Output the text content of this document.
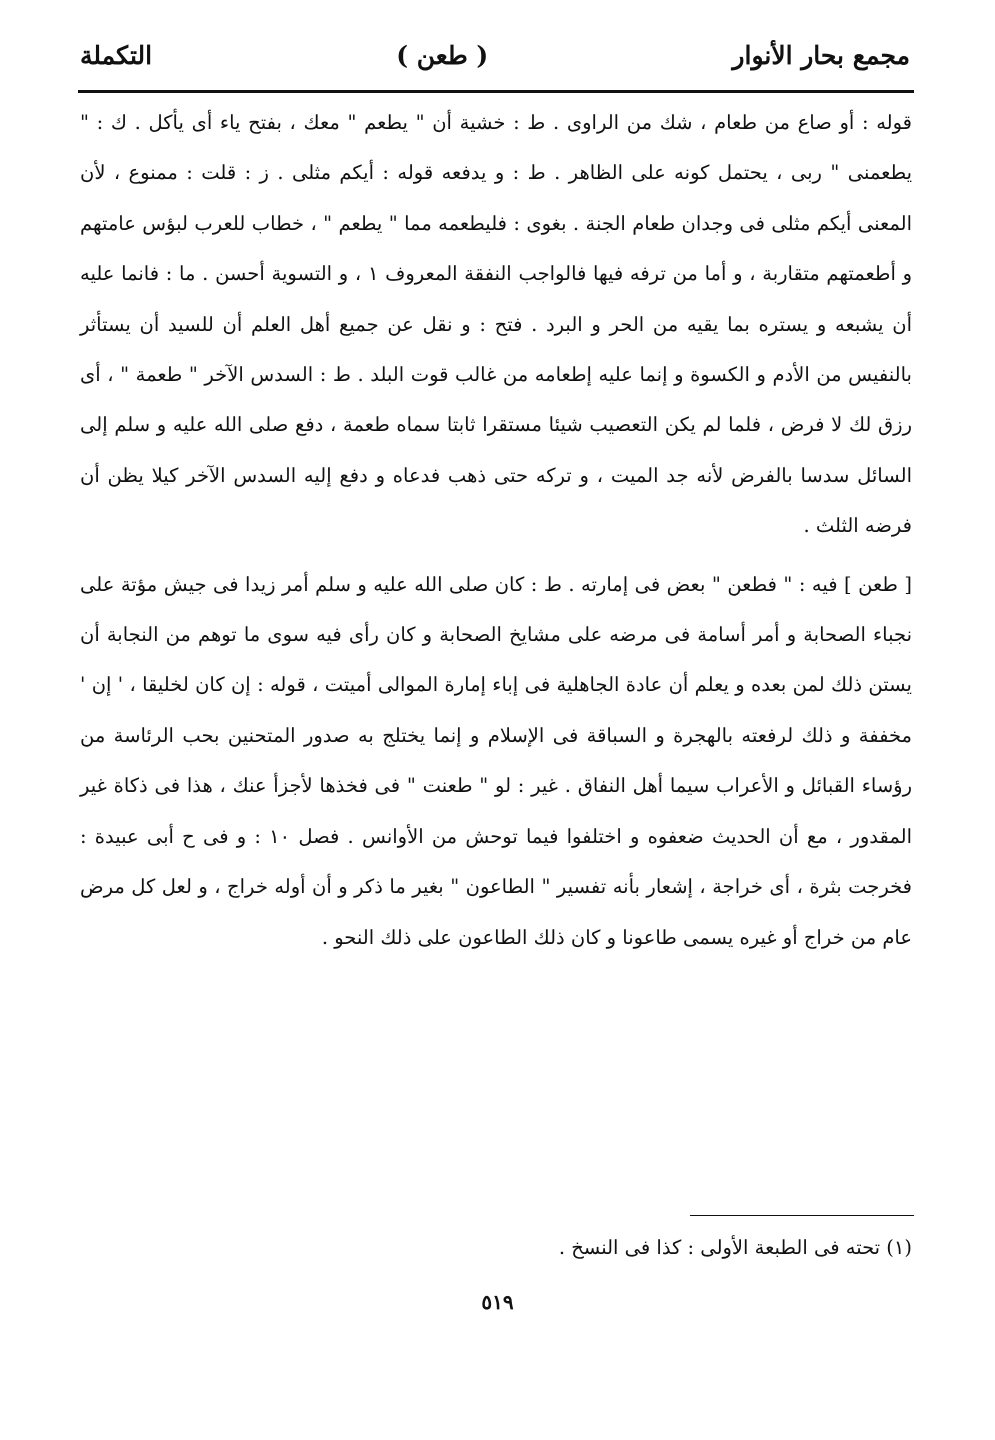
مجمع بحار الأنوار
( طعن )
التكملة

قوله : أو صاع من طعام ، شك من الراوى . ط : خشية أن " يطعم " معك ، بفتح ياء أى يأكل . ك : " يطعمنى " ربى ، يحتمل كونه على الظاهر . ط : و يدفعه قوله : أيكم مثلى . ز : قلت : ممنوع ، لأن المعنى أيكم مثلى فى وجدان طعام الجنة . بغوى : فليطعمه مما " يطعم " ، خطاب للعرب لبؤس عامتهم و أطعمتهم متقاربة ، و أما من ترفه فيها فالواجب النفقة المعروف ١ ، و التسوية أحسن . ما : فانما عليه أن يشبعه و يستره بما يقيه من الحر و البرد . فتح : و نقل عن جميع أهل العلم أن للسيد أن يستأثر بالنفيس من الأدم و الكسوة و إنما عليه إطعامه من غالب قوت البلد . ط : السدس الآخر " طعمة " ، أى رزق لك لا فرض ، فلما لم يكن التعصيب شيئا مستقرا ثابتا سماه طعمة ، دفع صلى الله عليه و سلم إلى السائل سدسا بالفرض لأنه جد الميت ، و تركه حتى ذهب فدعاه و دفع إليه السدس الآخر كيلا يظن أن فرضه الثلث .

[ طعن ] فيه : " فطعن " بعض فى إمارته . ط : كان صلى الله عليه و سلم أمر زيدا فى جيش مؤتة على نجباء الصحابة و أمر أسامة فى مرضه على مشايخ الصحابة و كان رأى فيه سوى ما توهم من النجابة أن يستن ذلك لمن بعده و يعلم أن عادة الجاهلية فى إباء إمارة الموالى أميتت ، قوله : إن كان لخليقا ، ' إن ' مخففة و ذلك لرفعته بالهجرة و السباقة فى الإسلام و إنما يختلج به صدور المتحنين بحب الرئاسة من رؤساء القبائل و الأعراب سيما أهل النفاق . غير : لو " طعنت " فى فخذها لأجزأ عنك ، هذا فى ذكاة غير المقدور ، مع أن الحديث ضعفوه و اختلفوا فيما توحش من الأوانس . فصل ١٠ : و فى ح أبى عبيدة : فخرجت بثرة ، أى خراجة ، إشعار بأنه تفسير " الطاعون " بغير ما ذكر و أن أوله خراج ، و لعل كل مرض عام من خراج أو غيره يسمى طاعونا و كان ذلك الطاعون على ذلك النحو .

(١) تحته فى الطبعة الأولى : كذا فى النسخ .
٥١٩
